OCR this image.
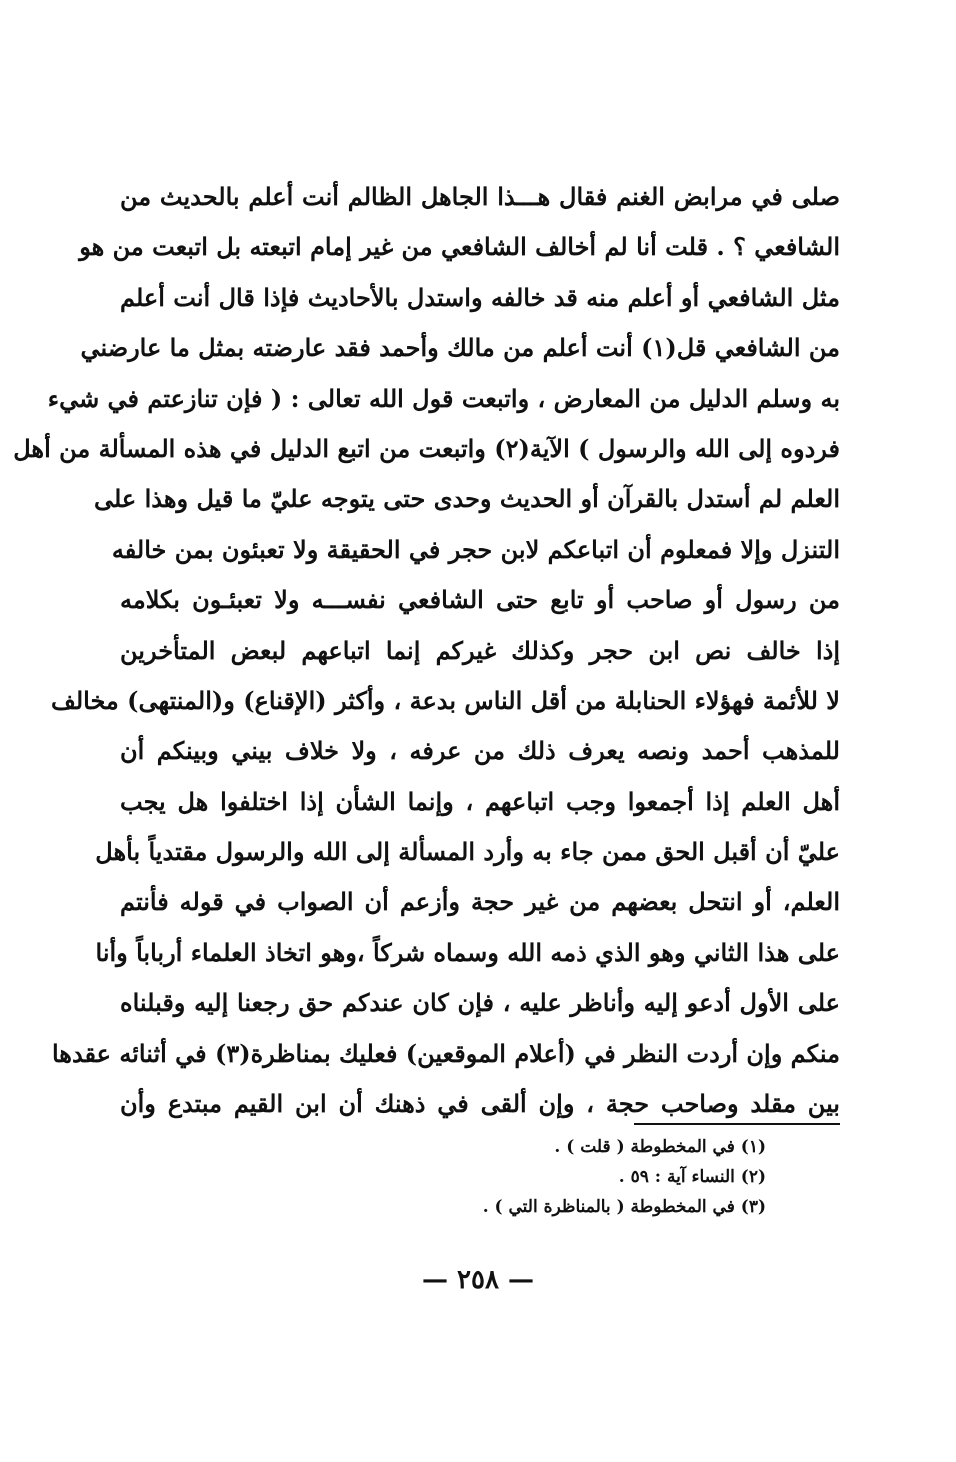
صلى في مرابض الغنم فقال هـــذا الجاهل الظالم أنت أعلم بالحديث من
الشافعي ؟ . قلت أنا لم أخالف الشافعي من غير إمام اتبعته بل اتبعت من هو
مثل الشافعي أو أعلم منه قد خالفه واستدل بالأحاديث فإذا قال أنت أعلم
من الشافعي قل(١) أنت أعلم من مالك وأحمد فقد عارضته بمثل ما عارضني
به وسلم الدليل من المعارض ، واتبعت قول الله تعالى : ( فإن تنازعتم في شيء
فردوه إلى الله والرسول ) الآية(٢) واتبعت من اتبع الدليل في هذه المسألة من أهل
العلم لم أستدل بالقرآن أو الحديث وحدى حتى يتوجه عليّ ما قيل وهذا على
التنزل وإلا فمعلوم أن اتباعكم لابن حجر في الحقيقة ولا تعبئون بمن خالفه
من رسول أو صاحب أو تابع حتى الشافعي نفســـه ولا تعبئـون بكلامه
إذا خالف نص ابن حجر وكذلك غيركم إنما اتباعهم لبعض المتأخرين
لا للأئمة فهؤلاء الحنابلة من أقل الناس بدعة ، وأكثر (الإقناع) و(المنتهى) مخالف
للمذهب أحمد ونصه يعرف ذلك من عرفه ، ولا خلاف بيني وبينكم أن
أهل العلم إذا أجمعوا وجب اتباعهم ، وإنما الشأن إذا اختلفوا هل يجب
عليّ أن أقبل الحق ممن جاء به وأرد المسألة إلى الله والرسول مقتدياً بأهل
العلم، أو انتحل بعضهم من غير حجة وأزعم أن الصواب في قوله فأنتم
على هذا الثاني وهو الذي ذمه الله وسماه شركاً ،وهو اتخاذ العلماء أرباباً وأنا
على الأول أدعو إليه وأناظر عليه ، فإن كان عندكم حق رجعنا إليه وقبلناه
منكم وإن أردت النظر في (أعلام الموقعين) فعليك بمناظرة(٣) في أثنائه عقدها
بين مقلد وصاحب حجة ، وإن ألقى في ذهنك أن ابن القيم مبتدع وأن
(١) في المخطوطة ( قلت ) .
(٢) النساء آية : ٥٩ .
(٣) في المخطوطة ( بالمناظرة التي ) .
— ٢٥٨ —
